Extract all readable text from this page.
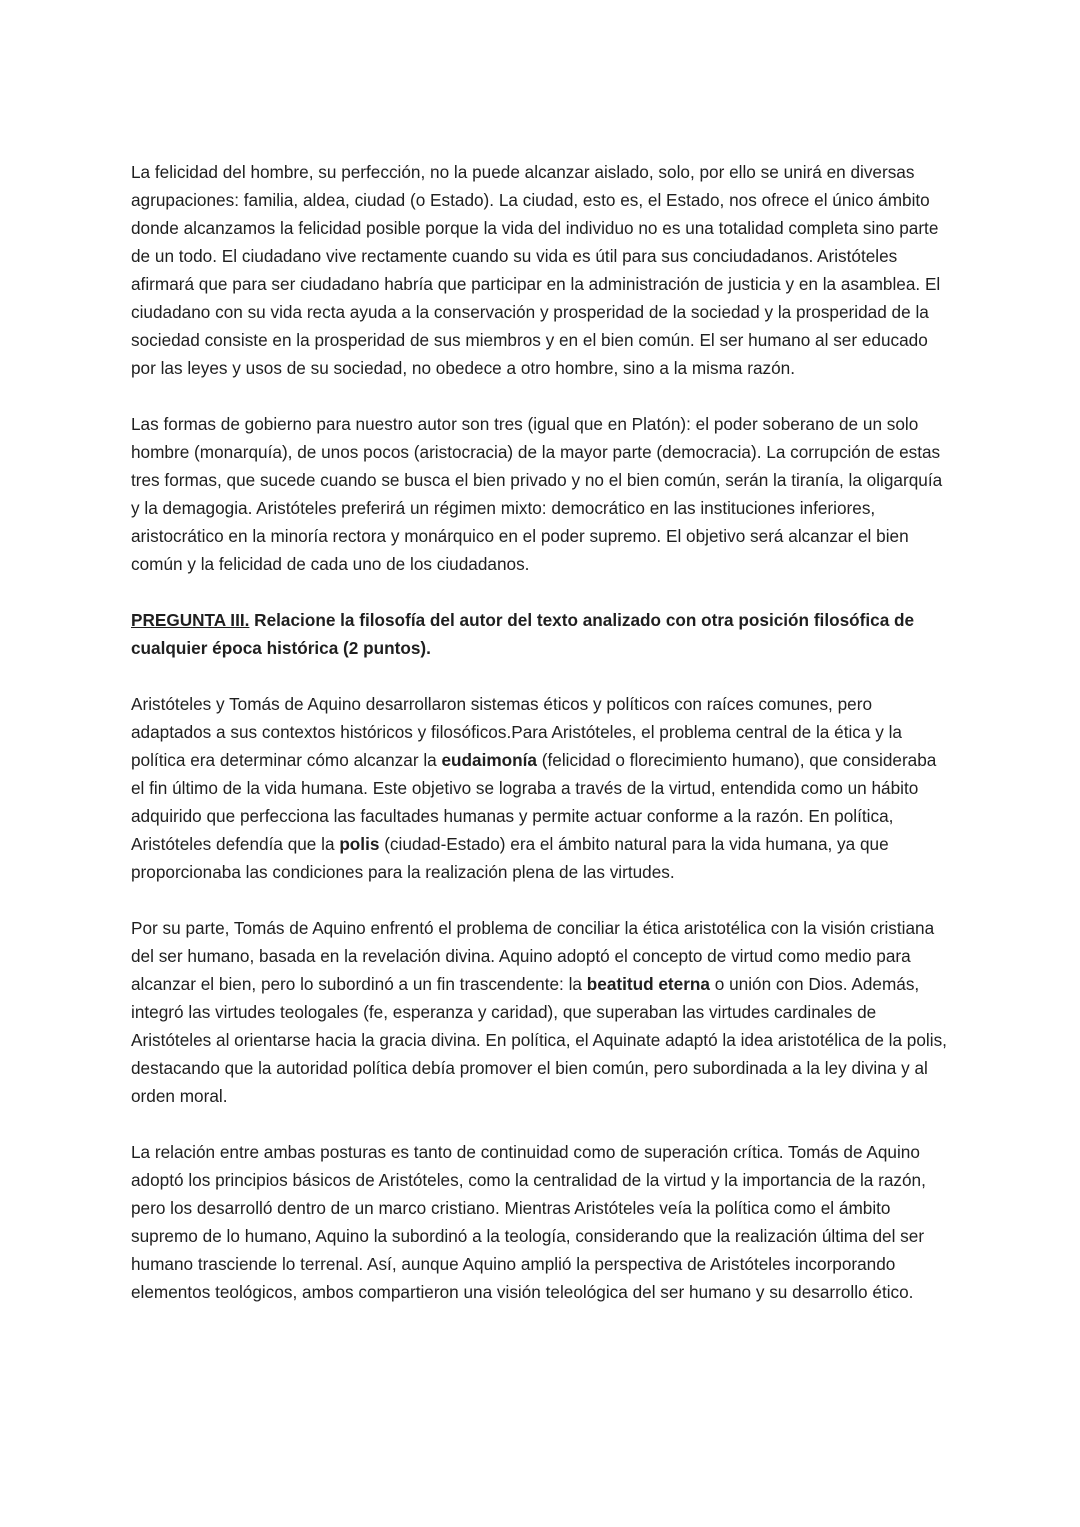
La felicidad del hombre, su perfección, no la puede alcanzar aislado, solo, por ello se unirá en diversas agrupaciones: familia, aldea, ciudad (o Estado). La ciudad, esto es, el Estado, nos ofrece el único ámbito donde alcanzamos la felicidad posible porque la vida del individuo no es una totalidad completa sino parte de un todo. El ciudadano vive rectamente cuando su vida es útil para sus conciudadanos. Aristóteles afirmará que para ser ciudadano habría que participar en la administración de justicia y en la asamblea. El ciudadano con su vida recta ayuda a la conservación y prosperidad de la sociedad y la prosperidad de la sociedad consiste en la prosperidad de sus miembros y en el bien común. El ser humano al ser educado por las leyes y usos de su sociedad, no obedece a otro hombre, sino a la misma razón.

Las formas de gobierno para nuestro autor son tres (igual que en Platón): el poder soberano de un solo hombre (monarquía), de unos pocos (aristocracia) de la mayor parte (democracia). La corrupción de estas tres formas, que sucede cuando se busca el bien privado y no el bien común, serán la tiranía, la oligarquía y la demagogia. Aristóteles preferirá un régimen mixto: democrático en las instituciones inferiores, aristocrático en la minoría rectora y monárquico en el poder supremo. El objetivo será alcanzar el bien común y la felicidad de cada uno de los ciudadanos.

PREGUNTA III. Relacione la filosofía del autor del texto analizado con otra posición filosófica de cualquier época histórica (2 puntos).

Aristóteles y Tomás de Aquino desarrollaron sistemas éticos y políticos con raíces comunes, pero adaptados a sus contextos históricos y filosóficos.Para Aristóteles, el problema central de la ética y la política era determinar cómo alcanzar la eudaimonía (felicidad o florecimiento humano), que consideraba el fin último de la vida humana. Este objetivo se lograba a través de la virtud, entendida como un hábito adquirido que perfecciona las facultades humanas y permite actuar conforme a la razón. En política, Aristóteles defendía que la polis (ciudad-Estado) era el ámbito natural para la vida humana, ya que proporcionaba las condiciones para la realización plena de las virtudes.

Por su parte, Tomás de Aquino enfrentó el problema de conciliar la ética aristotélica con la visión cristiana del ser humano, basada en la revelación divina. Aquino adoptó el concepto de virtud como medio para alcanzar el bien, pero lo subordinó a un fin trascendente: la beatitud eterna o unión con Dios. Además, integró las virtudes teologales (fe, esperanza y caridad), que superaban las virtudes cardinales de Aristóteles al orientarse hacia la gracia divina. En política, el Aquinate adaptó la idea aristotélica de la polis, destacando que la autoridad política debía promover el bien común, pero subordinada a la ley divina y al orden moral.

La relación entre ambas posturas es tanto de continuidad como de superación crítica. Tomás de Aquino adoptó los principios básicos de Aristóteles, como la centralidad de la virtud y la importancia de la razón, pero los desarrolló dentro de un marco cristiano. Mientras Aristóteles veía la política como el ámbito supremo de lo humano, Aquino la subordinó a la teología, considerando que la realización última del ser humano trasciende lo terrenal. Así, aunque Aquino amplió la perspectiva de Aristóteles incorporando elementos teológicos, ambos compartieron una visión teleológica del ser humano y su desarrollo ético.
